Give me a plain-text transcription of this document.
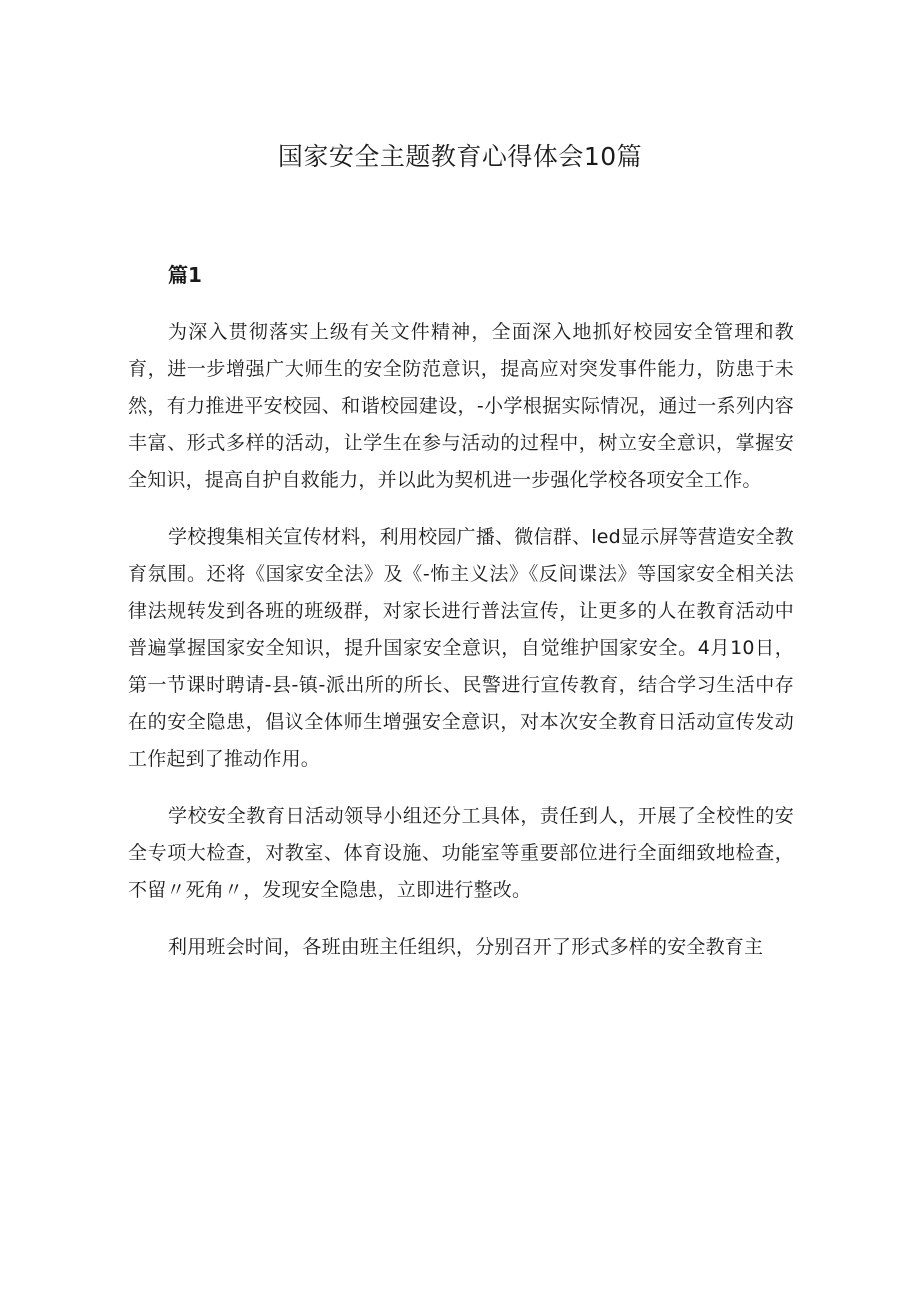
国家安全主题教育心得体会10篇
篇1

为深入贯彻落实上级有关文件精神，全面深入地抓好校园安全管理和教育，进一步增强广大师生的安全防范意识，提高应对突发事件能力，防患于未然，有力推进平安校园、和谐校园建设，-小学根据实际情况，通过一系列内容丰富、形式多样的活动，让学生在参与活动的过程中，树立安全意识，掌握安全知识，提高自护自救能力，并以此为契机进一步强化学校各项安全工作。

学校搜集相关宣传材料，利用校园广播、微信群、led显示屏等营造安全教育氛围。还将《国家安全法》及《-怖主义法》《反间谍法》等国家安全相关法律法规转发到各班的班级群，对家长进行普法宣传，让更多的人在教育活动中普遍掌握国家安全知识，提升国家安全意识，自觉维护国家安全。4月10日，第一节课时聘请-县-镇-派出所的所长、民警进行宣传教育，结合学习生活中存在的安全隐患，倡议全体师生增强安全意识，对本次安全教育日活动宣传发动工作起到了推动作用。

学校安全教育日活动领导小组还分工具体，责任到人，开展了全校性的安全专项大检查，对教室、体育设施、功能室等重要部位进行全面细致地检查，不留〃死角〃，发现安全隐患，立即进行整改。

利用班会时间，各班由班主任组织，分别召开了形式多样的安全教育主
